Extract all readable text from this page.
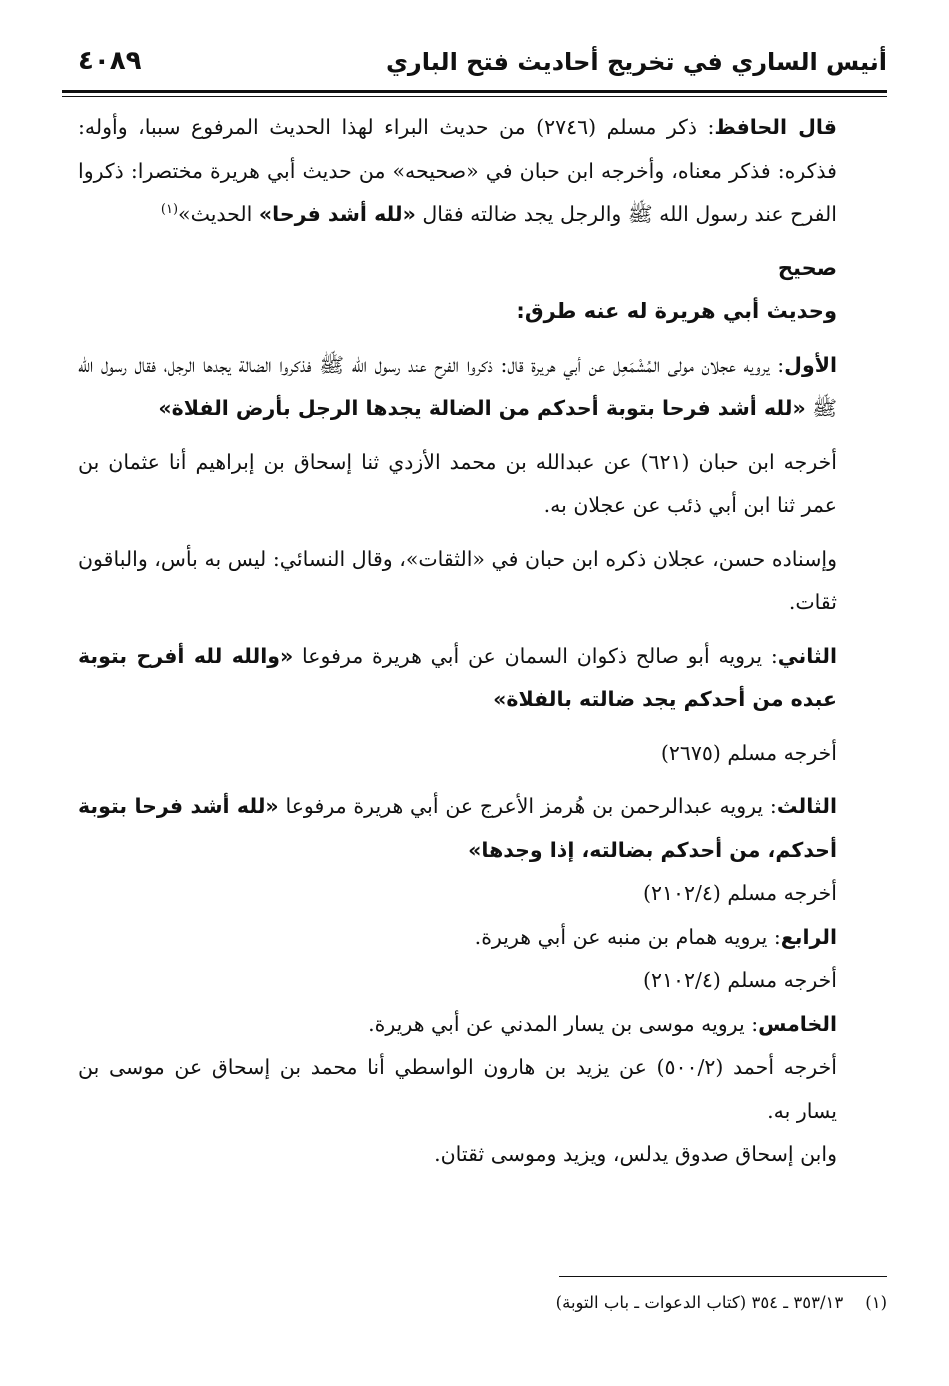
أنيس الساري في تخريج أحاديث فتح الباري
٤٠٨٩

قال الحافظ: ذكر مسلم (٢٧٤٦) من حديث البراء لهذا الحديث المرفوع سببا، وأوله: فذكره: فذكر معناه، وأخرجه ابن حبان في «صحيحه» من حديث أبي هريرة مختصرا: ذكروا الفرح عند رسول الله ﷺ والرجل يجد ضالته فقال «لله أشد فرحا» الحديث»$^{(١)}$

صحيح

وحديث أبي هريرة له عنه طرق:

الأول: يرويه عجلان مولى المُشْمَعِل عن أبي هريرة قال: ذكروا الفرح عند رسول الله ﷺ فذكروا الضالة يجدها الرجل، فقال رسول الله ﷺ «لله أشد فرحا بتوبة أحدكم من الضالة يجدها الرجل بأرض الفلاة»

أخرجه ابن حبان (٦٢١) عن عبدالله بن محمد الأزدي ثنا إسحاق بن إبراهيم أنا عثمان بن عمر ثنا ابن أبي ذئب عن عجلان به.

وإسناده حسن، عجلان ذكره ابن حبان في «الثقات»، وقال النسائي: ليس به بأس، والباقون ثقات.

الثاني: يرويه أبو صالح ذكوان السمان عن أبي هريرة مرفوعا «والله لله أفرح بتوبة عبده من أحدكم يجد ضالته بالفلاة»

أخرجه مسلم (٢٦٧٥)

الثالث: يرويه عبدالرحمن بن هُرمز الأعرج عن أبي هريرة مرفوعا «لله أشد فرحا بتوبة أحدكم، من أحدكم بضالته، إذا وجدها»

أخرجه مسلم (٢١٠٢/٤)

الرابع: يرويه همام بن منبه عن أبي هريرة.

أخرجه مسلم (٢١٠٢/٤)

الخامس: يرويه موسى بن يسار المدني عن أبي هريرة.

أخرجه أحمد (٥٠٠/٢) عن يزيد بن هارون الواسطي أنا محمد بن إسحاق عن موسى بن يسار به.

وابن إسحاق صدوق يدلس، ويزيد وموسى ثقتان.

(١)٣٥٣/١٣ ـ ٣٥٤ (كتاب الدعوات ـ باب التوبة)
